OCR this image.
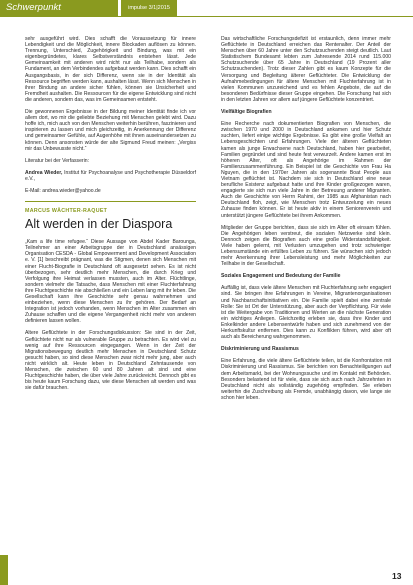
Schwerpunkt	impulse 3/1|2015

sehr ausgeführt wird. Dies schafft die Voraussetzung für innere Lebendigkeit und die Möglichkeit, innere Blockaden auflösen zu können. Trennung, Unterschied, Zugehörigkeit und Bindung, was mit ein eigenbegründetes, klares Selbstverständnis entstehen lässt. Jede Gemeinsamkeit mit anderen wird nicht nur als Teilhabe, sondern als Fundament, an dem Verbindendes aufgebaut werden kann. Dies schafft ein Ausgangsbasis, in der sich Differenz, wenn sie in der Identität als Ressource begriffen werden kann, aushalten lässt. Wenn sich Menschen in ihrer Bindung an andere sicher fühlen, können sie Unsicherheit und Fremdheit aushalten. Die Ressourcen für die eigene Entwicklung sind nicht die anderen, sondern das, was im Gemeinsamen entsteht.

Die gewonnenen Ergebnisse in der Bildung meiner Identität finde ich vor allem dort, wo mir die geliebte Beziehung mit Menschen gelebt wird. Dazu hoffe ich, mich auch von den Menschen weiterhin berühren, faszinieren und inspirieren zu lassen und mich gleichzeitig, in Anerkennung der Differenz und gemeinsamer Gefühle, auf Augenhöhe mit ihnen auseinandersetzen zu können. Denn ansonsten würde der alte Sigmund Freud meinen: „Vergiss mir das Unbewusste nicht.“

Literatur bei der Verfasserin:

Andrea Wieder, Institut für Psychoanalyse und Psychotherapie Düsseldorf e.V.,

E-Mail: andrea.wieder@yahoo.de

MARCUS WÄCHTER-RAQUET
Alt werden in der Diaspora

„Kam a life time refugee.“ Diese Aussage von Abdel Kader Barounga, Teilnehmer an einer Arbeitsgruppe der in Deutschland ansässigen Organisation CESDA - Global Empowerment and Development Association e. V. [1] beschreibt prägnant, was die Stigmen, denen sich Menschen mit einer Flucht-Biografie in Deutschland oft ausgesetzt sehen. Es ist nicht überbezogen, sehr deutlich mehr Menschen, die durch Krieg und Verfolgung ihre Heimat verlassen mussten, auch im Alter. Flüchtlinge, sondern vielmehr die Tatsache, dass Menschen mit einer Fluchterfahrung ihre Fluchtgeschichte nie abschließen und ein Leben lang mit ihr leben. Die Gesellschaft kann ihre Geschichte sehr genau wahrnehmen und einbeziehen, wenn diese Menschen zu ihr gehören. Der Bedarf an Integration ist jedoch vorhanden, wenn Menschen im Alter zusammen ein Zuhause schaffen und die eigene Vergangenheit nicht mehr von anderen definieren lassen wollen.

Altere Geflüchtete in der Forschungsdiskussion: Sie sind in der Zeit, Geflüchtete nicht nur als vulnerable Gruppe zu betrachten. Es wird viel zu wenig auf ihre Ressourcen eingegangen. Wenn in der Zeit der Migrationsbewegung deutlich mehr Menschen in Deutschland Schutz gesucht haben, so sind diese Menschen zwar nicht mehr jung, aber auch nicht wirklich alt. Heute leben in Deutschland Zehntausende von Menschen, die zwischen 60 und 80 Jahren alt sind und eine Fluchtgeschichte haben, die über viele Jahre zurückreicht. Dennoch gibt es bis heute kaum Forschung dazu, wie diese Menschen alt werden und was sie dafür brauchen.

Das wirtschaftliche Forschungsdefizit ist erstaunlich, denn immer mehr Geflüchtete in Deutschland erreichen das Rentenalter. Der Anteil der Menschen über 60 Jahre unter den Schutzsuchenden steigt deutlich. Laut Statistischem Bundesamt lebten zum Jahresende 2014 rund 115.000 Schutzsuchende über 65 Jahre in Deutschland (19 Prozent aller Schutzsuchenden). Trotz dieser Zahlen gibt es kaum Konzepte für die Versorgung und Begleitung älterer Geflüchteter. Die Entwicklung der Aufnahmebedingungen für ältere Menschen mit Fluchterfahrung ist in vielen Kommunen unzureichend und es fehlen Angebote, die auf die besonderen Bedürfnisse dieser Gruppe eingehen. Die Forschung hat sich in den letzten Jahren vor allem auf jüngere Geflüchtete konzentriert.

Vielfältige Biografien

Eine Recherche nach dokumentierten Biografien von Menschen, die zwischen 1970 und 2000 in Deutschland ankamen und hier Schutz suchten, liefert einige wichtige Ergebnisse. Es gibt eine große Vielfalt an Lebensgeschichten und Erfahrungen. Viele der älteren Geflüchteten kamen als junge Erwachsene nach Deutschland, haben hier gearbeitet, Familien gegründet und sind heute fest verwurzelt. Andere kamen erst im höheren Alter, oft als Angehörige im Rahmen der Familienzusammenführung. Ein Beispiel ist die Geschichte von Frau Ha Nguyen, die in den 1970er Jahren als sogenannte Boat People aus Vietnam geflüchtet ist. Nachdem sie sich in Deutschland eine neue berufliche Existenz aufgebaut hatte und ihre Kinder großgezogen waren, engagierte sie sich nun viele Jahre in der Betreuung anderer Migranten. Auch die Geschichte von Herrn Rahimi, der 1985 aus Afghanistan nach Deutschland floh, zeigt, wie Menschen trotz Entwurzelung ein neues Zuhause finden können. Er ist heute aktiv in einem Seniorenverein und unterstützt jüngere Geflüchtete bei ihrem Ankommen.

Mitglieder der Gruppe berichten, dass sie sich im Alter oft einsam fühlen. Die Angehörigen leben verstreut, die sozialen Netzwerke sind klein. Dennoch zeigen die Biografien auch eine große Widerstandsfähigkeit. Viele haben gelernt, mit Verlusten umzugehen und trotz schwieriger Lebensumstände ein erfülltes Leben zu führen. Sie wünschen sich jedoch mehr Anerkennung ihrer Lebensleistung und mehr Möglichkeiten zur Teilhabe in der Gesellschaft.

Soziales Engagement und Bedeutung der Familie

Auffällig ist, dass viele ältere Menschen mit Fluchterfahrung sehr engagiert sind. Sie bringen ihre Erfahrungen in Vereine, Migrantenorganisationen und Nachbarschaftsinitiativen ein. Die Familie spielt dabei eine zentrale Rolle: Sie ist Ort der Unterstützung, aber auch der Verpflichtung. Für viele ist die Weitergabe von Traditionen und Werten an die nächste Generation ein wichtiges Anliegen. Gleichzeitig erleben sie, dass ihre Kinder und Enkelkinder andere Lebensentwürfe haben und sich zunehmend von der Herkunftskultur entfernen. Dies kann zu Konflikten führen, wird aber oft auch als Bereicherung wahrgenommen.

Diskriminierung und Rassismus

Eine Erfahrung, die viele ältere Geflüchtete teilen, ist die Konfrontation mit Diskriminierung und Rassismus. Sie berichten von Benachteiligungen auf dem Arbeitsmarkt, bei der Wohnungssuche und im Kontakt mit Behörden. Besonders belastend ist für viele, dass sie sich auch nach Jahrzehnten in Deutschland nicht als vollständig zugehörig empfinden. Sie erleben weiterhin die Zuschreibung als Fremde, unabhängig davon, wie lange sie schon hier leben.

13
